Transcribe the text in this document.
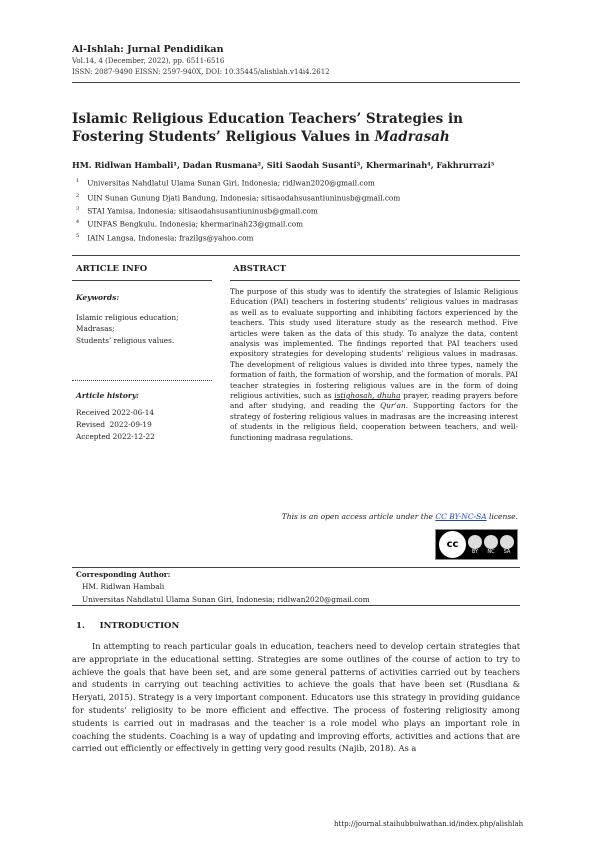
Al-Ishlah: Jurnal Pendidikan
Vol.14, 4 (December, 2022), pp. 6511-6516
ISSN: 2087-9490 EISSN: 2597-940X, DOI: 10.35445/alishlah.v14i4.2612
Islamic Religious Education Teachers’ Strategies in Fostering Students’ Religious Values in Madrasah
HM. Ridlwan Hambali¹, Dadan Rusmana², Siti Saodah Susanti³, Khermarinah⁴, Fakhrurrazi⁵
$^1$ Universitas Nahdlatul Ulama Sunan Giri, Indonesia; ridlwan2020@gmail.com
$^2$ UIN Sunan Gunung Djati Bandung, Indonesia; sitisaodahsusantiuninusb@gmail.com
$^3$ STAI Yamisa, Indonesia; sitisaodahsusantiuninusb@gmail.com
$^4$ UINFAS Bengkulu, Indonesia; khermarinah23@gmail.com
$^5$ IAIN Langsa, Indonesia; frazilgs@yahoo.com
ARTICLE INFO	ABSTRACT
Keywords:
Islamic religious education;
Madrasas;
Students’ religious values.
Article history:
Received 2022-06-14
Revised  2022-09-19
Accepted 2022-12-22
The purpose of this study was to identify the strategies of Islamic Religious Education (PAI) teachers in fostering students’ religious values in madrasas as well as to evaluate supporting and inhibiting factors experienced by the teachers. This study used literature study as the research method. Five articles were taken as the data of this study. To analyze the data, content analysis was implemented. The findings reported that PAI teachers used expository strategies for developing students’ religious values in madrasas. The development of religious values is divided into three types, namely the formation of faith, the formation of worship, and the formation of morals. PAI teacher strategies in fostering religious values are in the form of doing religious activities, such as istighosah, dhuha prayer, reading prayers before and after studying, and reading the Qur’an. Supporting factors for the strategy of fostering religious values in madrasas are the increasing interest of students in the religious field, cooperation between teachers, and well-functioning madrasa regulations.
This is an open access article under the CC BY-NC-SA license.
cc
BY NC SA
Corresponding Author:
HM. Ridlwan Hambali
Universitas Nahdlatul Ulama Sunan Giri, Indonesia; ridlwan2020@gmail.com
1.     INTRODUCTION
In attempting to reach particular goals in education, teachers need to develop certain strategies that are appropriate in the educational setting. Strategies are some outlines of the course of action to try to achieve the goals that have been set, and are some general patterns of activities carried out by teachers and students in carrying out teaching activities to achieve the goals that have been set (Rusdiana & Heryati, 2015). Strategy is a very important component. Educators use this strategy in providing guidance for students’ religiosity to be more efficient and effective. The process of fostering religiosity among students is carried out in madrasas and the teacher is a role model who plays an important role in coaching the students. Coaching is a way of updating and improving efforts, activities and actions that are carried out efficiently or effectively in getting very good results (Najib, 2018). As a
http://journal.staihubbulwathan.id/index.php/alishlah
